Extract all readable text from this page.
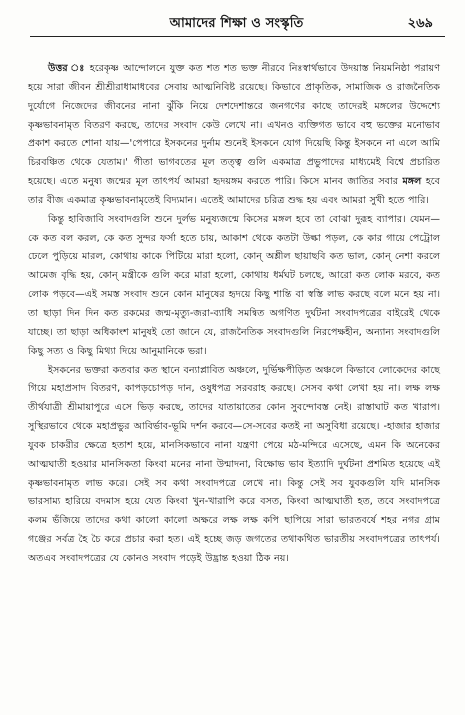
আমাদের শিক্ষা ও সংস্কৃতি	২৬৯

উত্তর ঃ হরেকৃষ্ণ আন্দোলনে যুক্ত কত শত শত ভক্ত নীরবে নিঃস্বার্থভাবে উদয়াস্ত নিয়মনিষ্ঠা পরায়ণ হয়ে সারা জীবন শ্রীশ্রীরাধামাধবের সেবায় আত্মনিবিষ্ট রয়েছে। কিভাবে প্রাকৃতিক, সামাজিক ও রাজনৈতিক দুর্যোগে নিজেদের জীবনের নানা ঝুঁকি নিয়ে দেশদেশান্তরে জনগণের কাছে তাদেরই মঙ্গলের উদ্দেশ্যে কৃষ্ণভাবনামৃত বিতরণ করছে, তাদের সংবাদ কেউ লেখে না। এখনও ব্যক্তিগত ভাবে বহু ভক্তের মনোভাব প্রকাশ করতে শোনা যায়—'পেপারে ইসকনের দুর্নাম শুনেই ইসকনে যোগ দিয়েছি কিন্তু ইসকনে না এলে আমি চিরবঞ্চিত থেকে যেতাম।' গীতা ভাগবতের মূল তত্ত্ব গুলি একমাত্র প্রভুপাদের মাধ্যমেই বিশ্বে প্রচারিত হয়েছে। এতে মনুষ্য জন্মের মূল তাৎপর্য আমরা হৃদয়ঙ্গম করতে পারি। কিসে মানব জাতির সবার মঙ্গল হবে তার বীজ একমাত্র কৃষ্ণভাবনামৃতেই বিদ্যমান। এতেই আমাদের চরিত্র শুদ্ধ হয় এবং আমরা সুখী হতে পারি।

কিন্তু হাবিজাবি সংবাদগুলি শুনে দুর্লভ মনুষ্যজন্মে কিসের মঙ্গল হবে তা বোঝা দুরূহ ব্যাপার। যেমন—কে কত বল করল, কে কত সুন্দর ফর্সা হতে চায়, আকাশ থেকে কতটা উল্কা পড়ল, কে কার গায়ে পেট্রোল ঢেলে পুড়িয়ে মারল, কোথায় কাকে পিটিয়ে মারা হলো, কোন্ অশ্লীল ছায়াছবি কত ভাল, কোন্ নেশা করলে আমেজ বৃদ্ধি হয়, কোন্ মন্ত্রীকে গুলি করে মারা হলো, কোথায় ধর্মঘট চলছে, আরো কত লোক মরবে, কত লোক পড়বে—এই সমস্ত সংবাদ শুনে কোন মানুষের হৃদয়ে কিছু শান্তি বা স্বস্তি লাভ করছে বলে মনে হয় না। তা ছাড়া দিন দিন কত রকমের জন্ম-মৃত্যু-জরা-ব্যাধি সমন্বিত অগণিত দুর্ঘটনা সংবাদপত্রের বাইরেই থেকে যাচ্ছে। তা ছাড়া অধিকাংশ মানুষই তো জানে যে, রাজনৈতিক সংবাদগুলি নিরপেক্ষহীন, অন্যান্য সংবাদগুলি কিছু সত্য ও কিছু মিথ্যা দিয়ে আনুমানিকে ভরা।

ইসকনের ভক্তরা কতবার কত স্থানে বন্যাপ্লাবিত অঞ্চলে, দুর্ভিক্ষপীড়িত অঞ্চলে কিভাবে লোকেদের কাছে গিয়ে মহাপ্রসাদ বিতরণ, কাপড়চোপড় দান, ওষুধপত্র সরবরাহ করছে। সেসব কথা লেখা হয় না। লক্ষ লক্ষ তীর্থযাত্রী শ্রীমায়াপুরে এসে ভিড় করছে, তাদের যাতায়াতের কোন সুবন্দোবস্ত নেই। রাস্তাঘাট কত খারাপ। সুস্থিরভাবে থেকে মহাপ্রভুর আবির্ভাব-ভূমি দর্শন করবে—সে-সবের কতই না অসুবিধা রয়েছে। -হাজার হাজার যুবক চাকরীর ক্ষেত্রে হতাশ হয়ে, মানসিকভাবে নানা যন্ত্রণা পেয়ে মঠ-মন্দিরে এসেছে, এমন কি অনেকের আত্মঘাতী হওয়ার মানসিকতা কিংবা মনের নানা উন্মাদনা, বিক্ষোভ ভাব ইত্যাদি দুর্ঘটনা প্রশমিত হয়েছে এই কৃষ্ণভাবনামৃত লাভ করে। সেই সব কথা সংবাদপত্রে লেখে না। কিন্তু সেই সব যুবকগুলি যদি মানসিক ভারসাম্য হারিয়ে বদমাস হয়ে যেত কিংবা খুন-খারাপি করে বসত, কিংবা আত্মঘাতী হত, তবে সংবাদপত্রে কলম ভঁজিয়ে তাদের কথা কালো কালো অক্ষরে লক্ষ লক্ষ কপি ছাপিয়ে সারা ভারতবর্ষে শহর নগর গ্রাম গঞ্জের সর্বত্র হৈ চৈ করে প্রচার করা হত। এই হচ্ছে জড় জগতের তথাকথিত ভারতীয় সংবাদপত্রের তাৎপর্য। অতএব সংবাদপত্রের যে কোনও সংবাদ পড়েই উদ্ভ্রান্ত হওয়া ঠিক নয়।
